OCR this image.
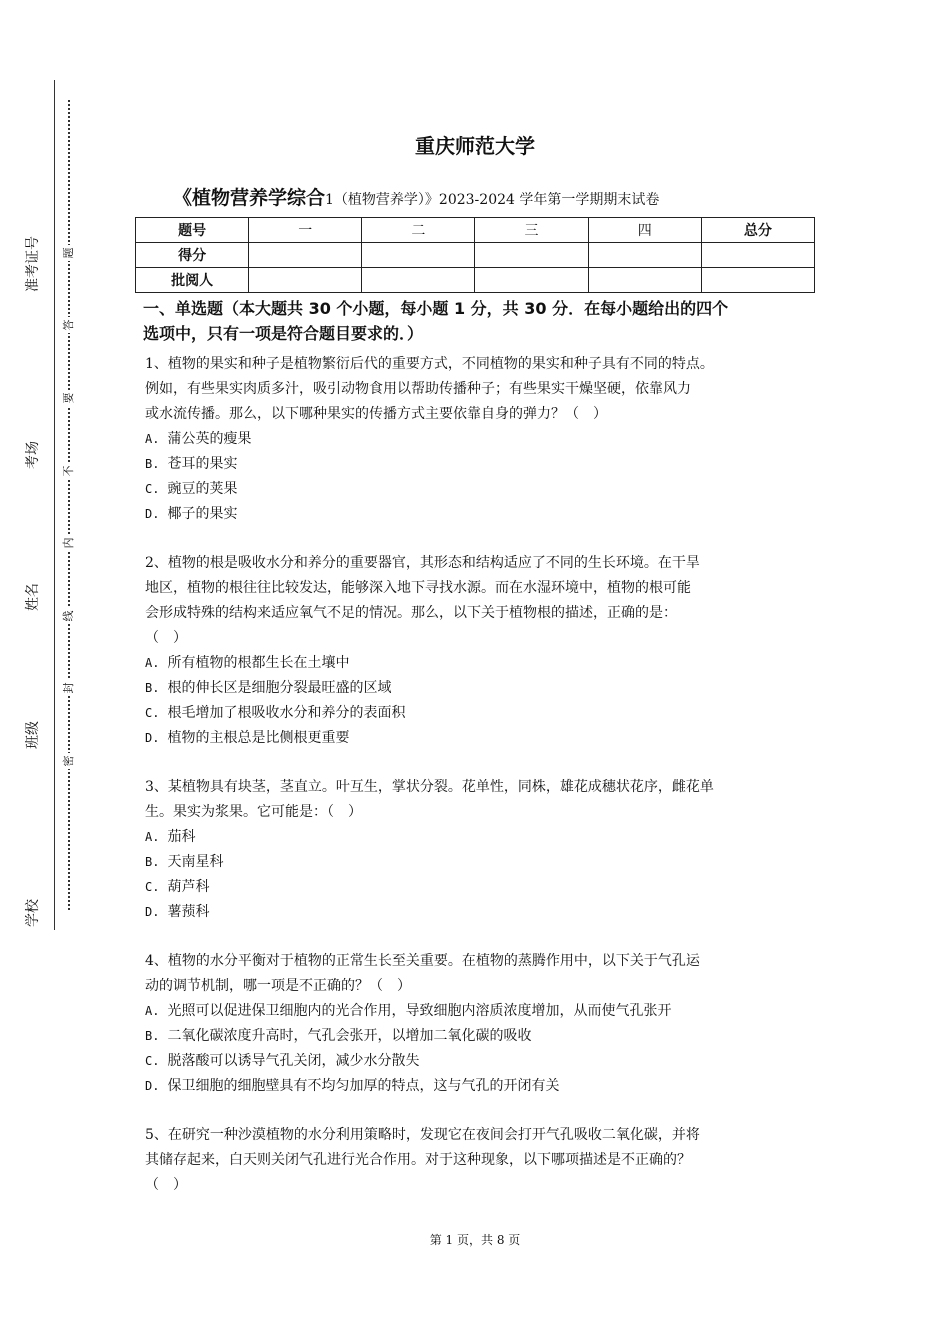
准考证号
考场
姓名
班级
学校
题
答
要
不
内
线
封
密
重庆师范大学
《植物营养学综合1（植物营养学）》2023-2024 学年第一学期期末试卷
题号	一	二	三	四	总分
得分					
批阅人					
一、单选题（本大题共 30 个小题，每小题 1 分，共 30 分．在每小题给出的四个
选项中，只有一项是符合题目要求的．）
1、植物的果实和种子是植物繁衍后代的重要方式，不同植物的果实和种子具有不同的特点。
例如，有些果实肉质多汁，吸引动物食用以帮助传播种子；有些果实干燥坚硬，依靠风力
或水流传播。那么，以下哪种果实的传播方式主要依靠自身的弹力？（　）
A. 蒲公英的瘦果
B. 苍耳的果实
C. 豌豆的荚果
D. 椰子的果实
2、植物的根是吸收水分和养分的重要器官，其形态和结构适应了不同的生长环境。在干旱
地区，植物的根往往比较发达，能够深入地下寻找水源。而在水湿环境中，植物的根可能
会形成特殊的结构来适应氧气不足的情况。那么，以下关于植物根的描述，正确的是：
（　）
A. 所有植物的根都生长在土壤中
B. 根的伸长区是细胞分裂最旺盛的区域
C. 根毛增加了根吸收水分和养分的表面积
D. 植物的主根总是比侧根更重要
3、某植物具有块茎，茎直立。叶互生，掌状分裂。花单性，同株，雄花成穗状花序，雌花单
生。果实为浆果。它可能是：（　）
A. 茄科
B. 天南星科
C. 葫芦科
D. 薯蓣科
4、植物的水分平衡对于植物的正常生长至关重要。在植物的蒸腾作用中，以下关于气孔运
动的调节机制，哪一项是不正确的？（　）
A. 光照可以促进保卫细胞内的光合作用，导致细胞内溶质浓度增加，从而使气孔张开
B. 二氧化碳浓度升高时，气孔会张开，以增加二氧化碳的吸收
C. 脱落酸可以诱导气孔关闭，减少水分散失
D. 保卫细胞的细胞壁具有不均匀加厚的特点，这与气孔的开闭有关
5、在研究一种沙漠植物的水分利用策略时，发现它在夜间会打开气孔吸收二氧化碳，并将
其储存起来，白天则关闭气孔进行光合作用。对于这种现象，以下哪项描述是不正确的？
（　）
第 1 页，共 8 页
